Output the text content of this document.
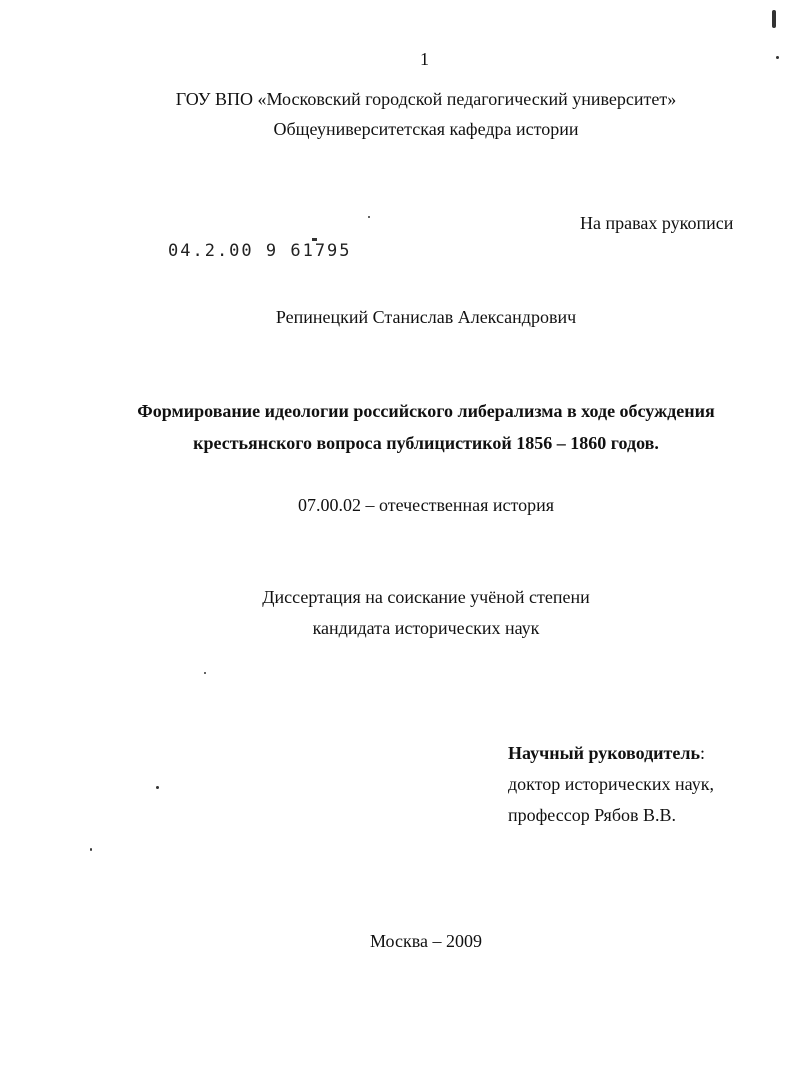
1
ГОУ ВПО «Московский городской педагогический университет»
Общеуниверситетская кафедра истории
На правах рукописи
04.2.00 9 61795
Репинецкий Станислав Александрович
Формирование идеологии российского либерализма в ходе обсуждения
крестьянского вопроса публицистикой 1856 – 1860 годов.
07.00.02 – отечественная история
Диссертация на соискание учёной степени
кандидата исторических наук
Научный руководитель:
доктор исторических наук,
профессор Рябов В.В.
Москва – 2009
